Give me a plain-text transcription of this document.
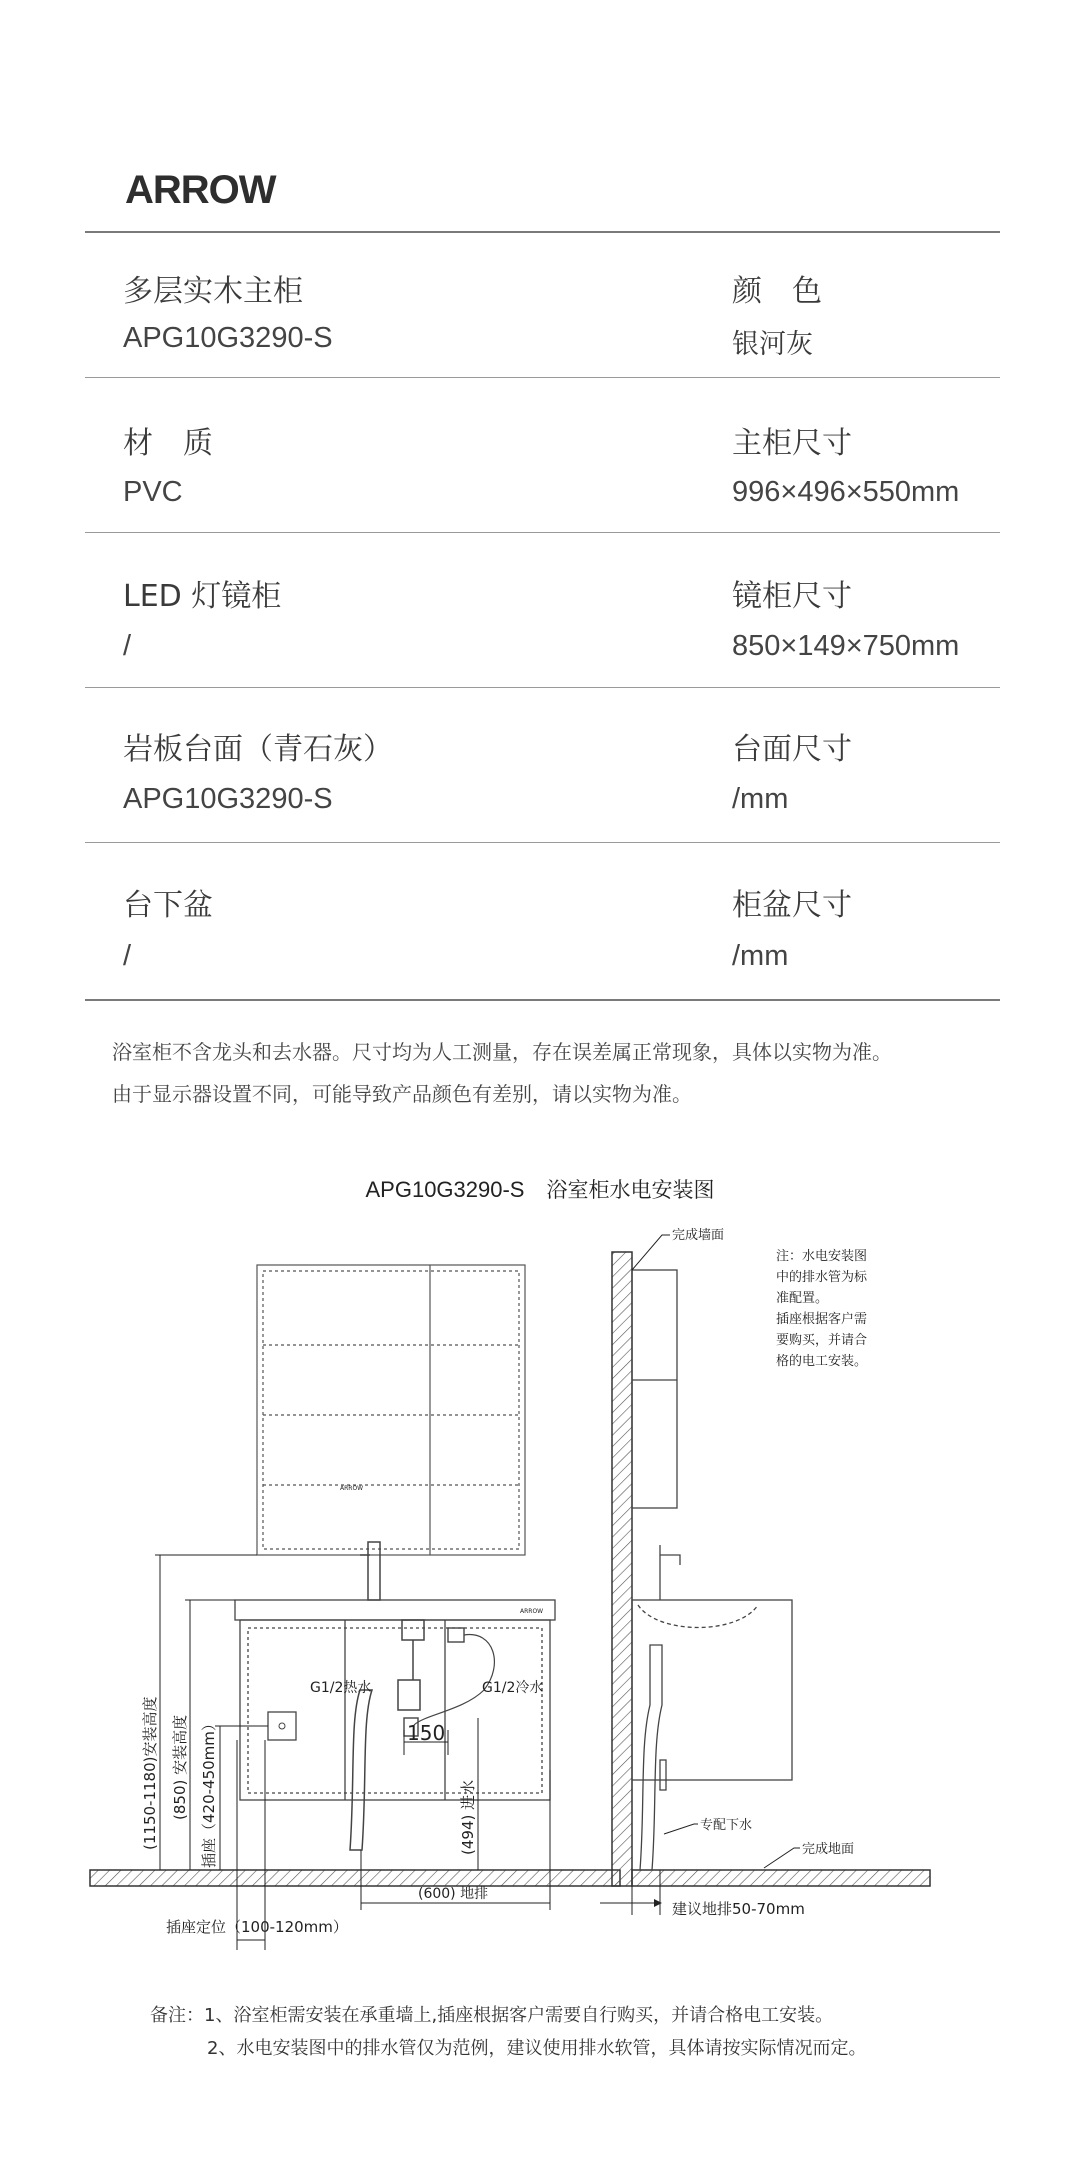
ARROW
多层实木主柜
APG10G3290-S
颜　色
银河灰
材　质
PVC
主柜尺寸
996×496×550mm
LED 灯镜柜
/
镜柜尺寸
850×149×750mm
岩板台面（青石灰）
APG10G3290-S
台面尺寸
/mm
台下盆
/
柜盆尺寸
/mm
浴室柜不含龙头和去水器。尺寸均为人工测量，存在误差属正常现象，具体以实物为准。
由于显示器设置不同，可能导致产品颜色有差别，请以实物为准。
APG10G3290-S 浴室柜水电安装图
ARROW
ARROW
(1150-1180)安装高度 (850) 安装高度 插座（420-450mm）	(494) 进水
150
G1/2热水	G1/2冷水
(600) 地排
插座定位（100-120mm）
完成墙面
专配下水
完成地面
建议地排50-70mm
注：水电安装图
中的排水管为标
准配置。
插座根据客户需
要购买，并请合
格的电工安装。
备注：1、浴室柜需安装在承重墙上,插座根据客户需要自行购买，并请合格电工安装。
2、水电安装图中的排水管仅为范例，建议使用排水软管，具体请按实际情况而定。
